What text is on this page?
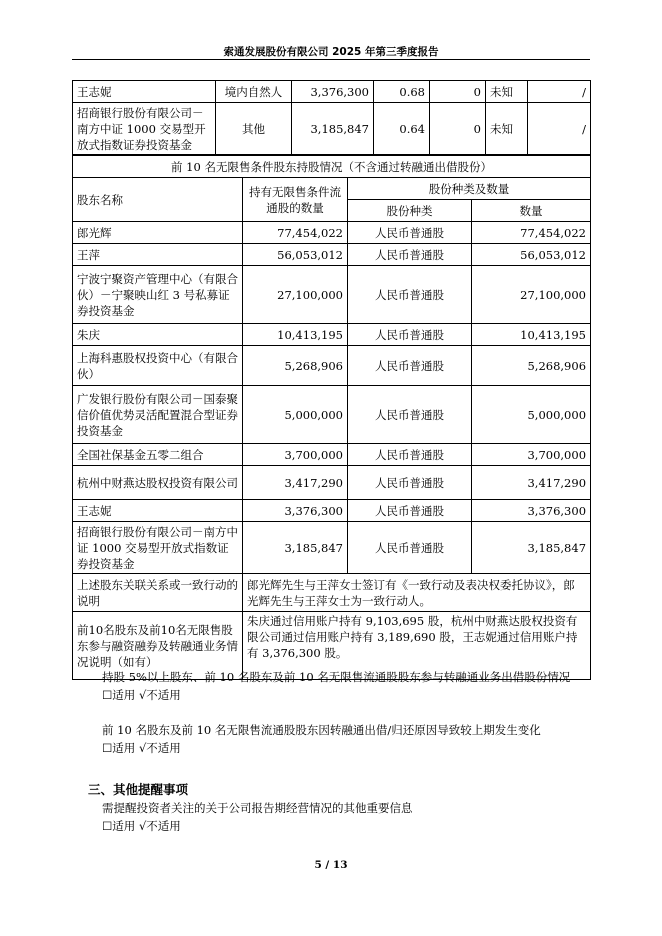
索通发展股份有限公司 2025 年第三季度报告
王志妮	境内自然人	3,376,300	0.68	0	未知	/
招商银行股份有限公司－南方中证 1000 交易型开放式指数证券投资基金	其他	3,185,847	0.64	0	未知	/
前 10 名无限售条件股东持股情况（不含通过转融通出借股份）			
股东名称	持有无限售条件流通股的数量	股份种类及数量	
		股份种类	数量
郎光辉	77,454,022	人民币普通股	77,454,022
王萍	56,053,012	人民币普通股	56,053,012
宁波宁聚资产管理中心（有限合伙）－宁聚映山红 3 号私募证券投资基金	27,100,000	人民币普通股	27,100,000
朱庆	10,413,195	人民币普通股	10,413,195
上海科惠股权投资中心（有限合伙）	5,268,906	人民币普通股	5,268,906
广发银行股份有限公司－国泰聚信价值优势灵活配置混合型证券投资基金	5,000,000	人民币普通股	5,000,000
全国社保基金五零二组合	3,700,000	人民币普通股	3,700,000
杭州中财燕达股权投资有限公司	3,417,290	人民币普通股	3,417,290
王志妮	3,376,300	人民币普通股	3,376,300
招商银行股份有限公司－南方中证 1000 交易型开放式指数证券投资基金	3,185,847	人民币普通股	3,185,847
上述股东关联关系或一致行动的说明	郎光辉先生与王萍女士签订有《一致行动及表决权委托协议》，郎光辉先生与王萍女士为一致行动人。		
前10名股东及前10名无限售股东参与融资融券及转融通业务情况说明（如有）	朱庆通过信用账户持有 9,103,695 股，杭州中财燕达股权投资有限公司通过信用账户持有 3,189,690 股，王志妮通过信用账户持有 3,376,300 股。		
持股 5%以上股东、前 10 名股东及前 10 名无限售流通股股东参与转融通业务出借股份情况
☐适用 √不适用
前 10 名股东及前 10 名无限售流通股股东因转融通出借/归还原因导致较上期发生变化
☐适用 √不适用
三、其他提醒事项
需提醒投资者关注的关于公司报告期经营情况的其他重要信息
☐适用 √不适用
5 / 13
